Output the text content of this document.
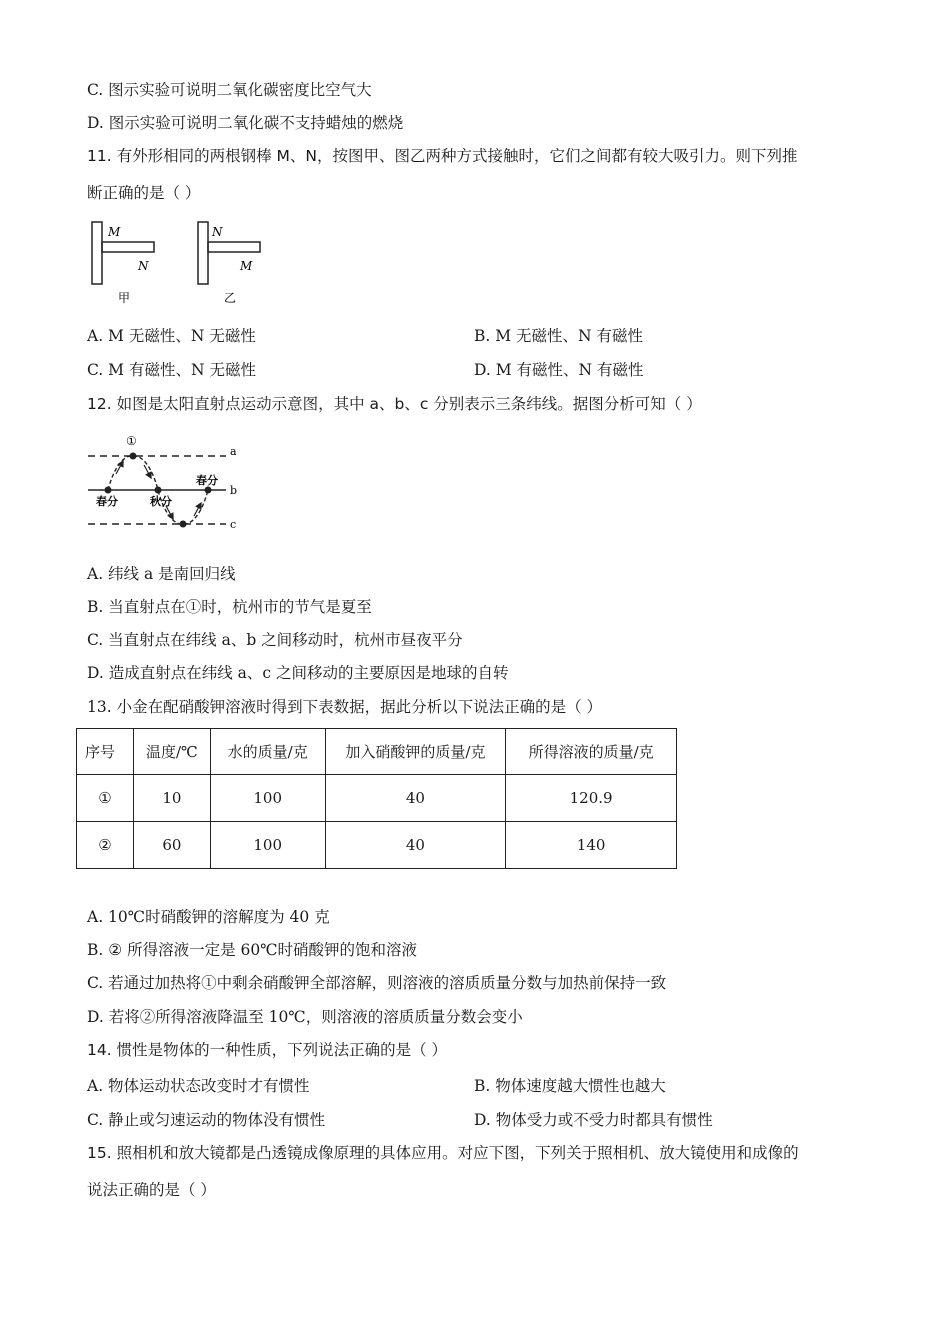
C. 图示实验可说明二氧化碳密度比空气大
D. 图示实验可说明二氧化碳不支持蜡烛的燃烧
11. 有外形相同的两根钢棒 M、N，按图甲、图乙两种方式接触时，它们之间都有较大吸引力。则下列推
断正确的是（ ）
M
N
甲
N
M
乙
A. M 无磁性、N 无磁性	B. M 无磁性、N 有磁性
C. M 有磁性、N 无磁性	D. M 有磁性、N 有磁性
12. 如图是太阳直射点运动示意图，其中 a、b、c 分别表示三条纬线。据图分析可知（ ）
①
a
b
c
春分	秋分
春分
A. 纬线 a 是南回归线
B. 当直射点在①时，杭州市的节气是夏至
C. 当直射点在纬线 a、b 之间移动时，杭州市昼夜平分
D. 造成直射点在纬线 a、c 之间移动的主要原因是地球的自转
13. 小金在配硝酸钾溶液时得到下表数据，据此分析以下说法正确的是（ ）
序号	温度/℃	水的质量/克	加入硝酸钾的质量/克	所得溶液的质量/克
①	10	100	40	120.9
②	60	100	40	140
A. 10℃时硝酸钾的溶解度为 40 克
B. ② 所得溶液一定是 60℃时硝酸钾的饱和溶液
C. 若通过加热将①中剩余硝酸钾全部溶解，则溶液的溶质质量分数与加热前保持一致
D. 若将②所得溶液降温至 10℃，则溶液的溶质质量分数会变小
14. 惯性是物体的一种性质，下列说法正确的是（ ）
A. 物体运动状态改变时才有惯性	B. 物体速度越大惯性也越大
C. 静止或匀速运动的物体没有惯性	D. 物体受力或不受力时都具有惯性
15. 照相机和放大镜都是凸透镜成像原理的具体应用。对应下图，下列关于照相机、放大镜使用和成像的
说法正确的是（ ）
